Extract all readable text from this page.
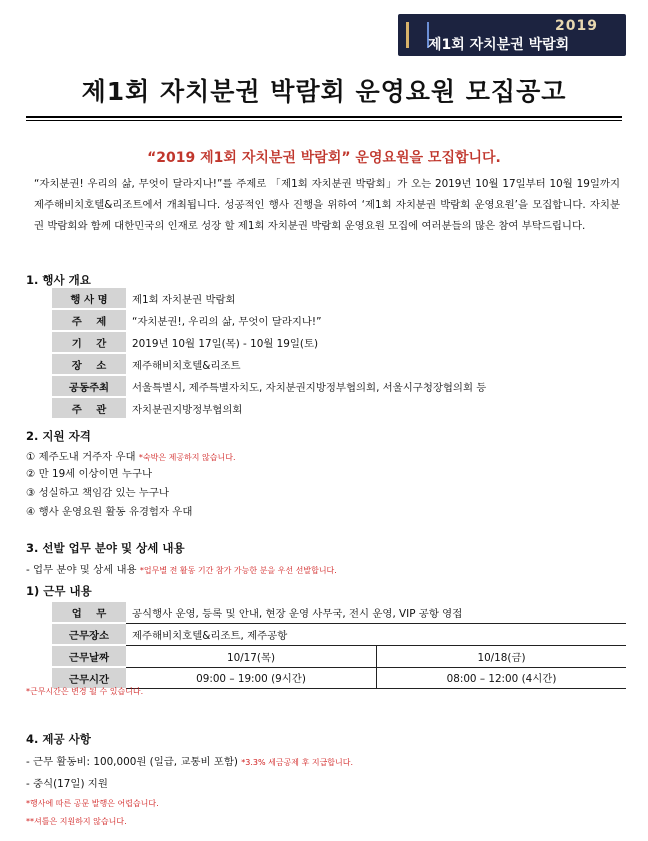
2019
제1회 자치분권 박람회
제1회 자치분권 박람회 운영요원 모집공고
“2019 제1회 자치분권 박람회” 운영요원을 모집합니다.
“자치분권! 우리의 삶, 무엇이 달라지나!”를 주제로 「제1회 자치분권 박람회」가 오는 2019년 10월 17일부터 10월 19일까지 제주해비치호텔&리조트에서 개최됩니다. 성공적인 행사 진행을 위하여 ‘제1회 자치분권 박람회 운영요원’을 모집합니다. 자치분권 박람회와 함께 대한민국의 인재로 성장 할 제1회 자치분권 박람회 운영요원 모집에 여러분들의 많은 참여 부탁드립니다.
1. 행사 개요
행 사 명	제1회 자치분권 박람회
주    제	“자치분권!, 우리의 삶, 무엇이 달라지나!”
기    간	2019년 10월 17일(목) - 10월 19일(토)
장    소	제주해비치호텔&리조트
공동주최	서울특별시, 제주특별자치도, 자치분권지방정부협의회, 서울시구청장협의회 등
주    관	자치분권지방정부협의회
2. 지원 자격
① 제주도내 거주자 우대 *숙박은 제공하지 않습니다.
② 만 19세 이상이면 누구나
③ 성실하고 책임감 있는 누구나
④ 행사 운영요원 활동 유경험자 우대
3. 선발 업무 분야 및 상세 내용
- 업무 분야 및 상세 내용 *업무별 전 활동 기간 참가 가능한 분을 우선 선발합니다.
1) 근무 내용
업    무	공식행사 운영, 등록 및 안내, 현장 운영 사무국, 전시 운영, VIP 공항 영접	
근무장소	제주해비치호텔&리조트, 제주공항	
근무날짜	10/17(목)	10/18(금)
근무시간	09:00 – 19:00 (9시간)	08:00 – 12:00 (4시간)
*근무시간은 변경 될 수 있습니다.
4. 제공 사항
- 근무 활동비: 100,000원 (일급, 교통비 포함) *3.3% 세금공제 후 지급합니다.
- 중식(17일) 지원
*행사에 따른 공문 발행은 어렵습니다.
**셔틀은 지원하지 않습니다.
